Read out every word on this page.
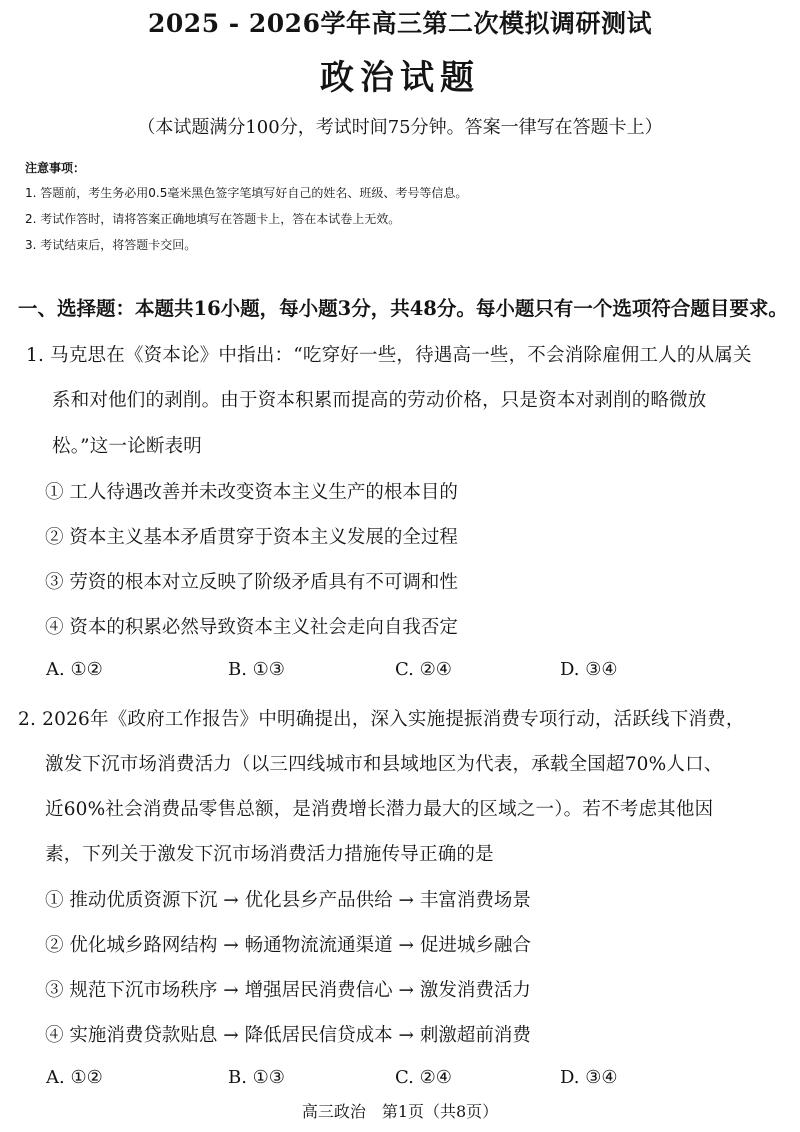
2025 - 2026学年高三第二次模拟调研测试
政治试题
（本试题满分100分，考试时间75分钟。答案一律写在答题卡上）
注意事项：
1. 答题前，考生务必用0.5毫米黑色签字笔填写好自己的姓名、班级、考号等信息。
2. 考试作答时，请将答案正确地填写在答题卡上，答在本试卷上无效。
3. 考试结束后，将答题卡交回。
一、选择题：本题共16小题，每小题3分，共48分。每小题只有一个选项符合题目要求。
1. 马克思在《资本论》中指出：“吃穿好一些，待遇高一些，不会消除雇佣工人的从属关
系和对他们的剥削。由于资本积累而提高的劳动价格，只是资本对剥削的略微放
松。”这一论断表明
① 工人待遇改善并未改变资本主义生产的根本目的
② 资本主义基本矛盾贯穿于资本主义发展的全过程
③ 劳资的根本对立反映了阶级矛盾具有不可调和性
④ 资本的积累必然导致资本主义社会走向自我否定
A. ①②	B. ①③	C. ②④	D. ③④
2. 2026年《政府工作报告》中明确提出，深入实施提振消费专项行动，活跃线下消费，
激发下沉市场消费活力（以三四线城市和县域地区为代表，承载全国超70%人口、
近60%社会消费品零售总额，是消费增长潜力最大的区域之一）。若不考虑其他因
素，下列关于激发下沉市场消费活力措施传导正确的是
① 推动优质资源下沉 → 优化县乡产品供给 → 丰富消费场景
② 优化城乡路网结构 → 畅通物流流通渠道 → 促进城乡融合
③ 规范下沉市场秩序 → 增强居民消费信心 → 激发消费活力
④ 实施消费贷款贴息 → 降低居民信贷成本 → 刺激超前消费
A. ①②	B. ①③	C. ②④	D. ③④
高三政治　第1页（共8页）
